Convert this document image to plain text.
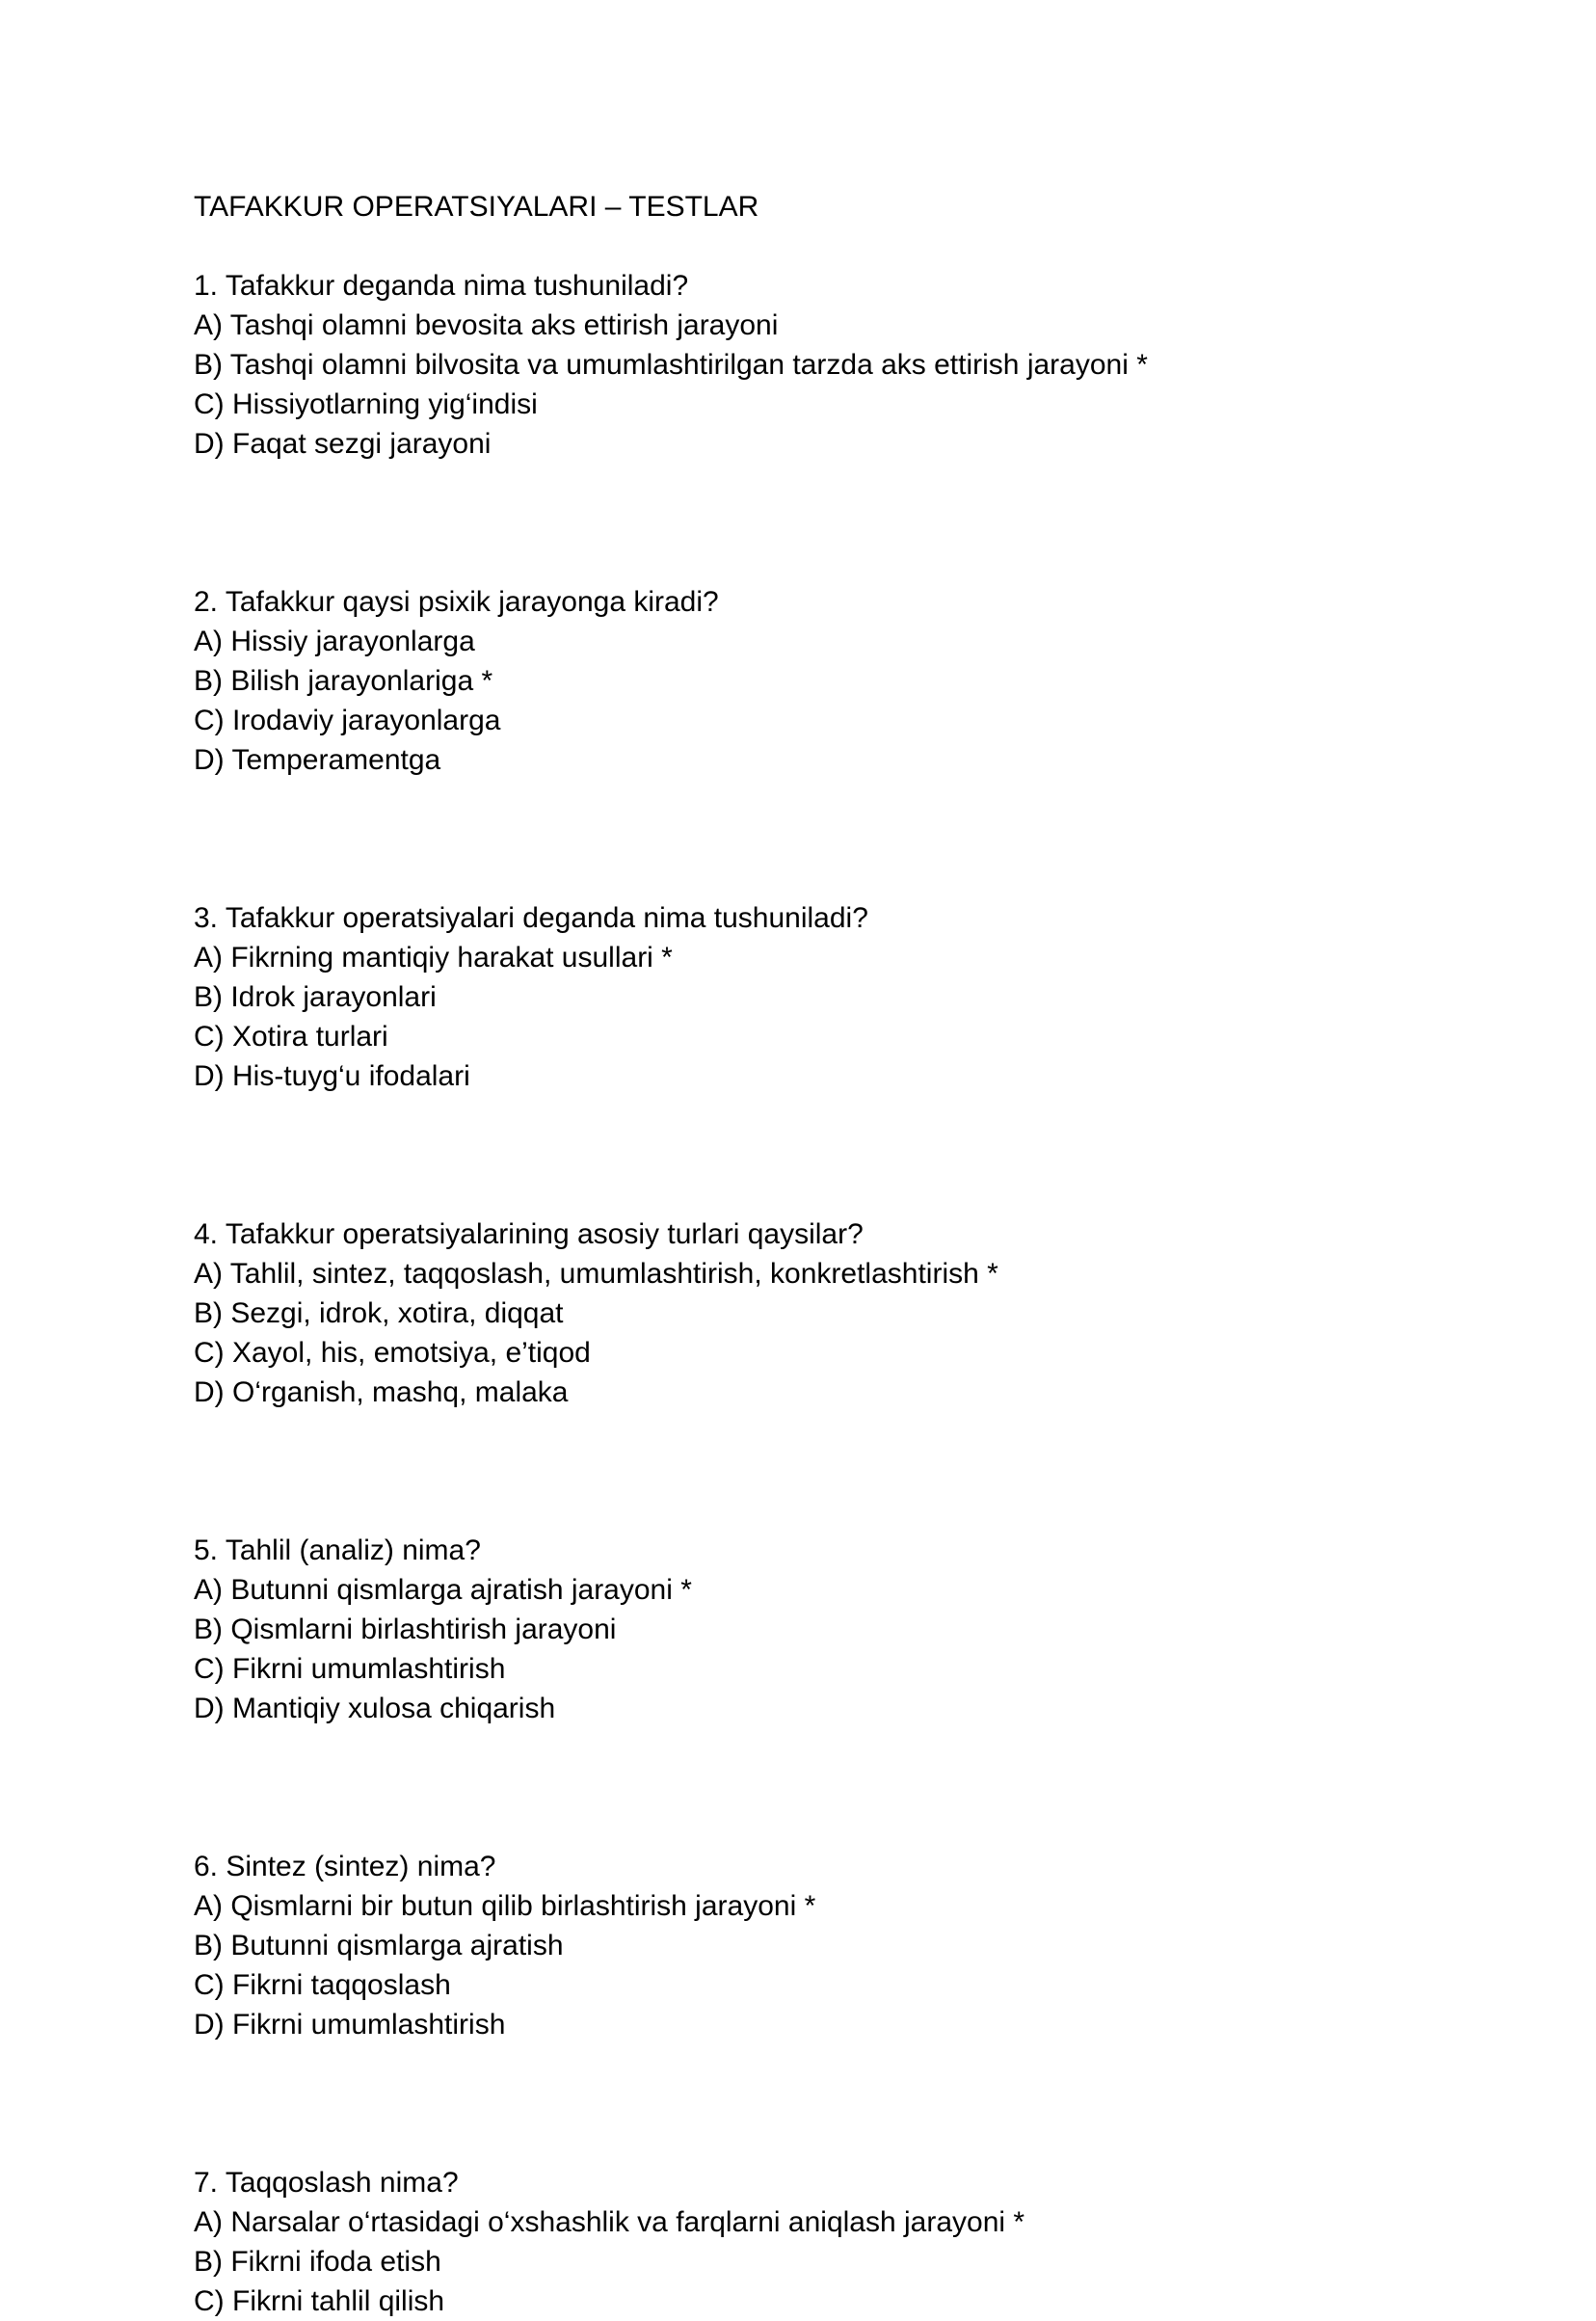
TAFAKKUR OPERATSIYALARI – TESTLAR
1. Tafakkur deganda nima tushuniladi?
A) Tashqi olamni bevosita aks ettirish jarayoni
B) Tashqi olamni bilvosita va umumlashtirilgan tarzda aks ettirish jarayoni *
C) Hissiyotlarning yig‘indisi
D) Faqat sezgi jarayoni
2. Tafakkur qaysi psixik jarayonga kiradi?
A) Hissiy jarayonlarga
B) Bilish jarayonlariga *
C) Irodaviy jarayonlarga
D) Temperamentga
3. Tafakkur operatsiyalari deganda nima tushuniladi?
A) Fikrning mantiqiy harakat usullari *
B) Idrok jarayonlari
C) Xotira turlari
D) His-tuyg‘u ifodalari
4. Tafakkur operatsiyalarining asosiy turlari qaysilar?
A) Tahlil, sintez, taqqoslash, umumlashtirish, konkretlashtirish *
B) Sezgi, idrok, xotira, diqqat
C) Xayol, his, emotsiya, e’tiqod
D) O‘rganish, mashq, malaka
5. Tahlil (analiz) nima?
A) Butunni qismlarga ajratish jarayoni *
B) Qismlarni birlashtirish jarayoni
C) Fikrni umumlashtirish
D) Mantiqiy xulosa chiqarish
6. Sintez (sintez) nima?
A) Qismlarni bir butun qilib birlashtirish jarayoni *
B) Butunni qismlarga ajratish
C) Fikrni taqqoslash
D) Fikrni umumlashtirish
7. Taqqoslash nima?
A) Narsalar o‘rtasidagi o‘xshashlik va farqlarni aniqlash jarayoni *
B) Fikrni ifoda etish
C) Fikrni tahlil qilish
